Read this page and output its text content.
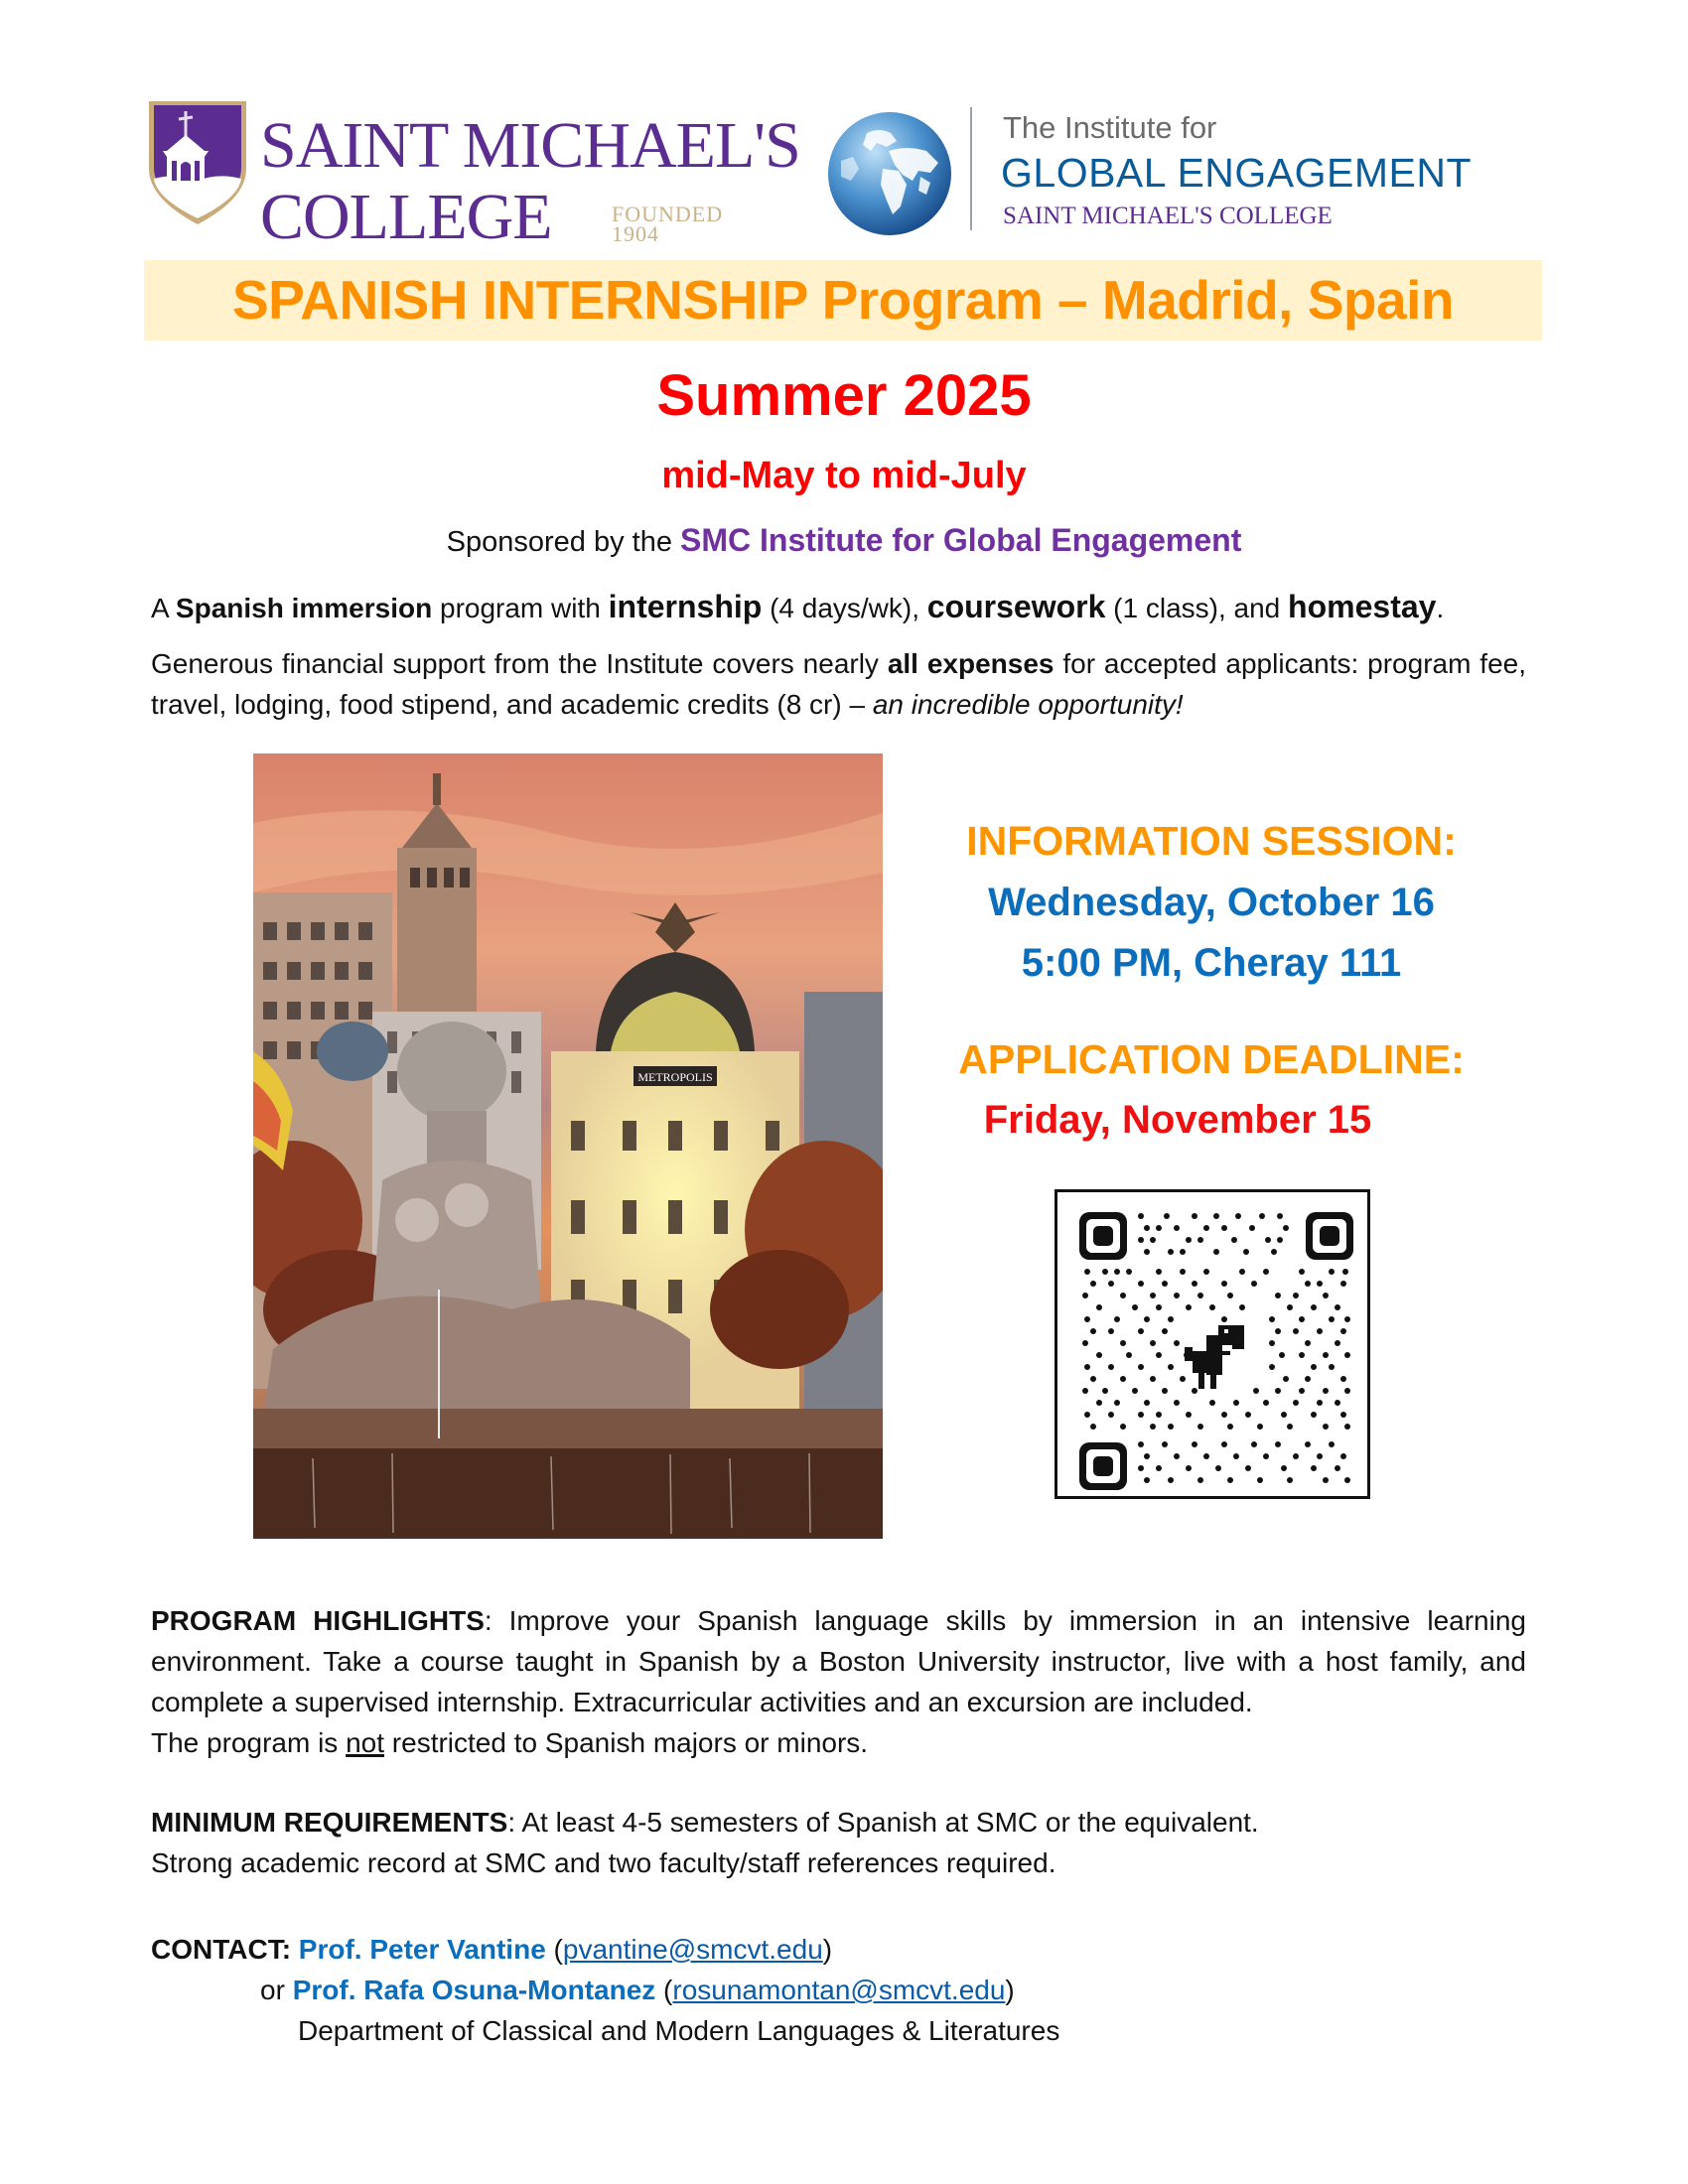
SAINT MICHAEL'S
COLLEGE	FOUNDED
1904
The Institute for
GLOBAL ENGAGEMENT
SAINT MICHAEL'S COLLEGE
SPANISH INTERNSHIP Program – Madrid, Spain
Summer 2025
mid-May to mid-July
Sponsored by the SMC Institute for Global Engagement
A Spanish immersion program with internship (4 days/wk), coursework (1 class), and homestay.
Generous financial support from the Institute covers nearly all expenses for accepted applicants: program fee, travel, lodging, food stipend, and academic credits (8 cr) – an incredible opportunity!
METROPOLIS
INFORMATION SESSION:
Wednesday, October 16
5:00 PM, Cheray 111
APPLICATION DEADLINE:
Friday, November 15
PROGRAM HIGHLIGHTS: Improve your Spanish language skills by immersion in an intensive learning environment. Take a course taught in Spanish by a Boston University instructor, live with a host family, and complete a supervised internship. Extracurricular activities and an excursion are included.
The program is not restricted to Spanish majors or minors.
MINIMUM REQUIREMENTS: At least 4-5 semesters of Spanish at SMC or the equivalent.
Strong academic record at SMC and two faculty/staff references required.
CONTACT: Prof. Peter Vantine (pvantine@smcvt.edu)
or Prof. Rafa Osuna-Montanez (rosunamontan@smcvt.edu)
Department of Classical and Modern Languages & Literatures
